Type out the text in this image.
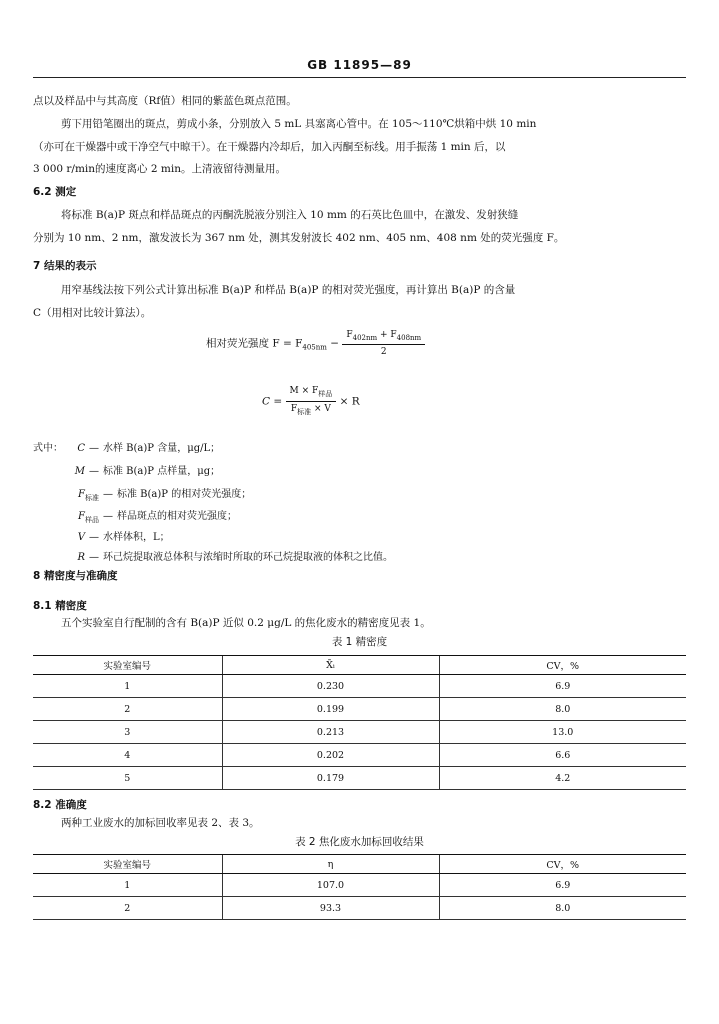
GB 11895—89
点以及样品中与其高度（Rf值）相同的紫蓝色斑点范围。
剪下用铅笔圈出的斑点，剪成小条，分别放入 5 mL 具塞离心管中。在 105～110℃烘箱中烘 10 min
（亦可在干燥器中或干净空气中晾干）。在干燥器内冷却后，加入丙酮至标线。用手振荡 1 min 后，以
3 000 r/min的速度离心 2 min。上清液留待测量用。
6.2 测定
将标准 B(a)P 斑点和样品斑点的丙酮洗脱液分别注入 10 mm 的石英比色皿中，在激发、发射狭缝
分别为 10 nm、2 nm，激发波长为 367 nm 处，测其发射波长 402 nm、405 nm、408 nm 处的荧光强度 F。
7 结果的表示
用窄基线法按下列公式计算出标准 B(a)P 和样品 B(a)P 的相对荧光强度，再计算出 B(a)P 的含量
C（用相对比较计算法）。
相对荧光强度 $F = F_{405nm} - \frac{F_{402nm} + F_{408nm}}{2}$
$C = \frac{M \times F_{样品}}{F_{标准} \times V} \times R$
式中：	C — 水样 B(a)P 含量，μg/L；
M — 标准 B(a)P 点样量，μg；
$F_{标准}$ — 标准 B(a)P 的相对荧光强度；
$F_{样品}$ — 样品斑点的相对荧光强度；
V — 水样体积，L；
R — 环己烷提取液总体积与浓缩时所取的环己烷提取液的体积之比值。
8 精密度与准确度
8.1 精密度
五个实验室自行配制的含有 B(a)P 近似 0.2 μg/L 的焦化废水的精密度见表 1。
表 1 精密度
实验室编号	X̄ᵢ	CV，%
1	0.230	6.9
2	0.199	8.0
3	0.213	13.0
4	0.202	6.6
5	0.179	4.2
8.2 准确度
两种工业废水的加标回收率见表 2、表 3。
表 2 焦化废水加标回收结果
实验室编号	η	CV，%
1	107.0	6.9
2	93.3	8.0
